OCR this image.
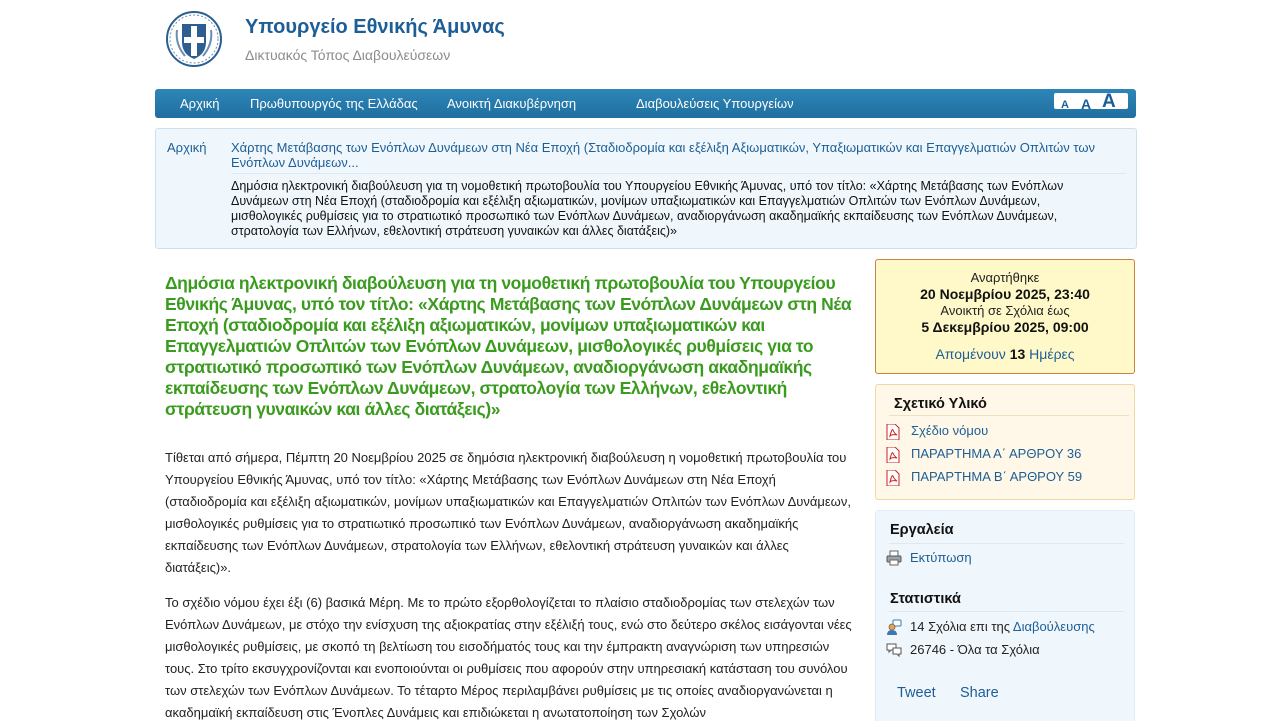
Υπουργείο Εθνικής Άμυνας
Δικτυακός Τόπος Διαβουλεύσεων
Αρχική Πρωθυπουργός της Ελλάδας Ανοικτή Διακυβέρνηση	Διαβουλεύσεις Υπουργείων	A A A
Αρχική Χάρτης Μετάβασης των Ενόπλων Δυνάμεων στη Νέα Εποχή (Σταδιοδρομία και εξέλιξη Αξιωματικών, Υπαξιωματικών και Επαγγελματιών Οπλιτών των Ενόπλων Δυνάμεων...
Δημόσια ηλεκτρονική διαβούλευση για τη νομοθετική πρωτοβουλία του Υπουργείου Εθνικής Άμυνας, υπό τον τίτλο: «Χάρτης Μετάβασης των Ενόπλων Δυνάμεων στη Νέα Εποχή (σταδιοδρομία και εξέλιξη αξιωματικών, μονίμων υπαξιωματικών και Επαγγελματιών Οπλιτών των Ενόπλων Δυνάμεων, μισθολογικές ρυθμίσεις για το στρατιωτικό προσωπικό των Ενόπλων Δυνάμεων, αναδιοργάνωση ακαδημαϊκής εκπαίδευσης των Ενόπλων Δυνάμεων, στρατολογία των Ελλήνων, εθελοντική στράτευση γυναικών και άλλες διατάξεις)»
Δημόσια ηλεκτρονική διαβούλευση για τη νομοθετική πρωτοβουλία του Υπουργείου Εθνικής Άμυνας, υπό τον τίτλο: «Χάρτης Μετάβασης των Ενόπλων Δυνάμεων στη Νέα Εποχή (σταδιοδρομία και εξέλιξη αξιωματικών, μονίμων υπαξιωματικών και Επαγγελματιών Οπλιτών των Ενόπλων Δυνάμεων, μισθολογικές ρυθμίσεις για το στρατιωτικό προσωπικό των Ενόπλων Δυνάμεων, αναδιοργάνωση ακαδημαϊκής εκπαίδευσης των Ενόπλων Δυνάμεων, στρατολογία των Ελλήνων, εθελοντική στράτευση γυναικών και άλλες διατάξεις)»

Τίθεται από σήμερα, Πέμπτη 20 Νοεμβρίου 2025 σε δημόσια ηλεκτρονική διαβούλευση η νομοθετική πρωτοβουλία του Υπουργείου Εθνικής Άμυνας, υπό τον τίτλο: «Χάρτης Μετάβασης των Ενόπλων Δυνάμεων στη Νέα Εποχή (σταδιοδρομία και εξέλιξη αξιωματικών, μονίμων υπαξιωματικών και Επαγγελματιών Οπλιτών των Ενόπλων Δυνάμεων, μισθολογικές ρυθμίσεις για το στρατιωτικό προσωπικό των Ενόπλων Δυνάμεων, αναδιοργάνωση ακαδημαϊκής εκπαίδευσης των Ενόπλων Δυνάμεων, στρατολογία των Ελλήνων, εθελοντική στράτευση γυναικών και άλλες διατάξεις)».

Το σχέδιο νόμου έχει έξι (6) βασικά Μέρη. Με το πρώτο εξορθολογίζεται το πλαίσιο σταδιοδρομίας των στελεχών των Ενόπλων Δυνάμεων, με στόχο την ενίσχυση της αξιοκρατίας στην εξέλιξή τους, ενώ στο δεύτερο σκέλος εισάγονται νέες μισθολογικές ρυθμίσεις, με σκοπό τη βελτίωση του εισοδήματός τους και την έμπρακτη αναγνώριση των υπηρεσιών τους. Στο τρίτο εκσυγχρονίζονται και ενοποιούνται οι ρυθμίσεις που αφορούν στην υπηρεσιακή κατάσταση του συνόλου των στελεχών των Ενόπλων Δυνάμεων. Το τέταρτο Μέρος περιλαμβάνει ρυθμίσεις με τις οποίες αναδιοργανώνεται η ακαδημαϊκή εκπαίδευση στις Ένοπλες Δυνάμεις και επιδιώκεται η ανωτατοποίηση των Σχολών

Αναρτήθηκε
20 Νοεμβρίου 2025, 23:40
Ανοικτή σε Σχόλια έως
5 Δεκεμβρίου 2025, 09:00
Απομένουν 13 Ημέρες
Σχετικό Υλικό
Σχέδιο νόμου
ΠΑΡΑΡΤΗΜΑ Α΄ ΑΡΘΡΟΥ 36
ΠΑΡΑΡΤΗΜΑ Β΄ ΑΡΘΡΟΥ 59
Εργαλεία
Εκτύπωση
Στατιστικά
14 Σχόλια επι της Διαβούλευσης
26746 - Όλα τα Σχόλια
Tweet Share
